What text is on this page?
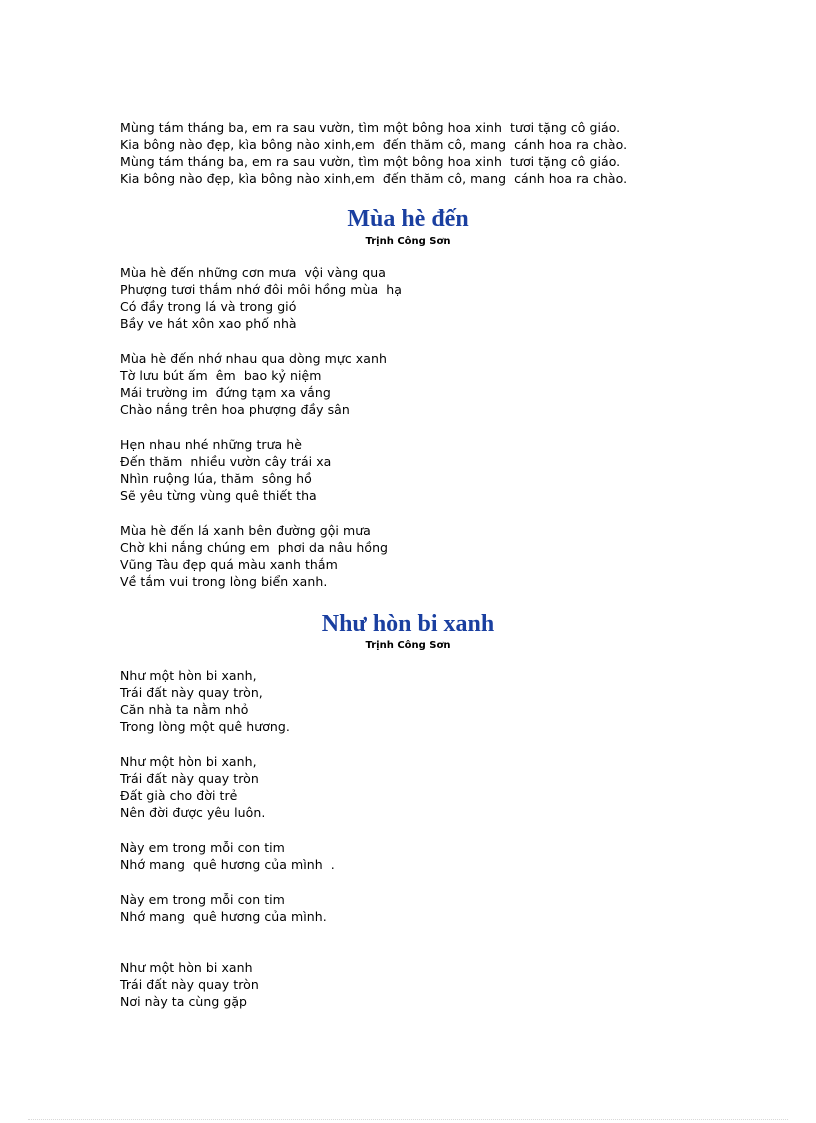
Mùng tám tháng ba, em ra sau vườn, tìm một bông hoa xinh  tươi tặng cô giáo.
Kia bông nào đẹp, kìa bông nào xinh,em  đến thăm cô, mang  cánh hoa ra chào.
Mùng tám tháng ba, em ra sau vườn, tìm một bông hoa xinh  tươi tặng cô giáo.
Kia bông nào đẹp, kìa bông nào xinh,em  đến thăm cô, mang  cánh hoa ra chào.
Mùa hè đến
Trịnh Công Sơn
Mùa hè đến những cơn mưa  vội vàng qua
Phượng tươi thắm nhớ đôi môi hồng mùa  hạ
Có đầy trong lá và trong gió
Bầy ve hát xôn xao phố nhà
Mùa hè đến nhớ nhau qua dòng mực xanh
Tờ lưu bút ấm  êm  bao kỷ niệm
Mái trường im  đứng tạm xa vắng
Chào nắng trên hoa phượng đầy sân
Hẹn nhau nhé những trưa hè
Đến thăm  nhiều vườn cây trái xa
Nhìn ruộng lúa, thăm  sông hồ
Sẽ yêu từng vùng quê thiết tha
Mùa hè đến lá xanh bên đường gội mưa
Chờ khi nắng chúng em  phơi da nâu hồng
Vũng Tàu đẹp quá màu xanh thắm
Về tắm vui trong lòng biển xanh.
Như hòn bi xanh
Trịnh Công Sơn
Như một hòn bi xanh,
Trái đất này quay tròn,
Căn nhà ta nằm nhỏ
Trong lòng một quê hương.
Như một hòn bi xanh,
Trái đất này quay tròn
Đất già cho đời trẻ
Nên đời được yêu luôn.
Này em trong mỗi con tim
Nhớ mang  quê hương của mình  .
Này em trong mỗi con tim
Nhớ mang  quê hương của mình.
Như một hòn bi xanh
Trái đất này quay tròn
Nơi này ta cùng gặp
